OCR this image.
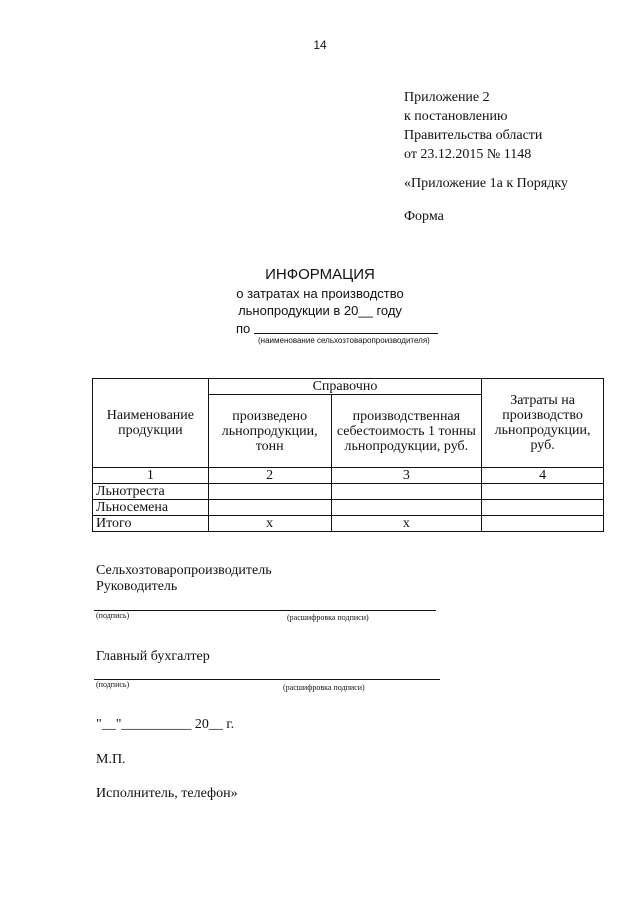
14
Приложение 2
к постановлению
Правительства области
от 23.12.2015 № 1148
«Приложение 1а к Порядку
Форма
ИНФОРМАЦИЯ
о затратах на производство
льнопродукции в 20__ году
по
(наименование сельхозтоваропроизводителя)
Наименование продукции	Справочно		Затраты на производство льнопродукции, руб.
	произведено льнопродукции, тонн	производственная себестоимость 1 тонны льнопродукции, руб.	
1	2	3	4
Льнотреста			
Льносемена			
Итого	х	х	
Сельхозтоваропроизводитель
Руководитель
(подпись)	(расшифровка подписи)
Главный бухгалтер
(подпись)	(расшифровка подписи)
"__"__________ 20__ г.
М.П.
Исполнитель, телефон»
